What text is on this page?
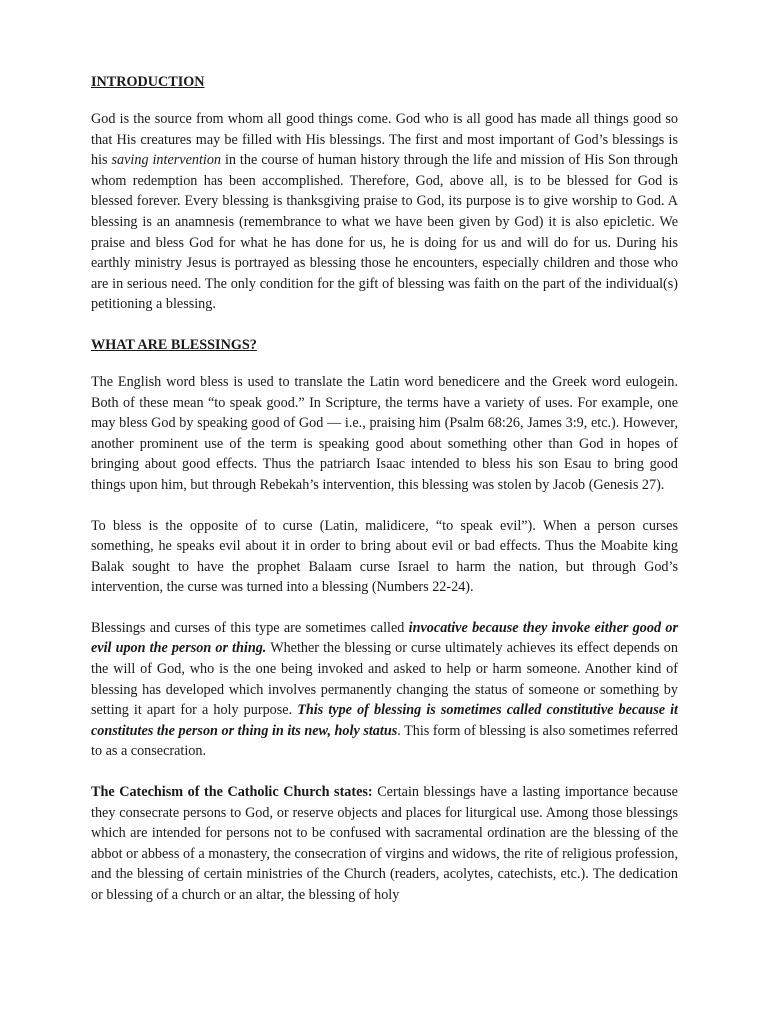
INTRODUCTION

God is the source from whom all good things come. God who is all good has made all things good so that His creatures may be filled with His blessings. The first and most important of God’s blessings is his saving intervention in the course of human history through the life and mission of His Son through whom redemption has been accomplished. Therefore, God, above all, is to be blessed for God is blessed forever. Every blessing is thanksgiving praise to God, its purpose is to give worship to God. A blessing is an anamnesis (remembrance to what we have been given by God) it is also epicletic. We praise and bless God for what he has done for us, he is doing for us and will do for us. During his earthly ministry Jesus is portrayed as blessing those he encounters, especially children and those who are in serious need. The only condition for the gift of blessing was faith on the part of the individual(s) petitioning a blessing.

WHAT ARE BLESSINGS?

The English word bless is used to translate the Latin word benedicere and the Greek word eulogein. Both of these mean “to speak good.” In Scripture, the terms have a variety of uses. For example, one may bless God by speaking good of God — i.e., praising him (Psalm 68:26, James 3:9, etc.). However, another prominent use of the term is speaking good about something other than God in hopes of bringing about good effects. Thus the patriarch Isaac intended to bless his son Esau to bring good things upon him, but through Rebekah’s intervention, this blessing was stolen by Jacob (Genesis 27).

To bless is the opposite of to curse (Latin, malidicere, “to speak evil”). When a person curses something, he speaks evil about it in order to bring about evil or bad effects. Thus the Moabite king Balak sought to have the prophet Balaam curse Israel to harm the nation, but through God’s intervention, the curse was turned into a blessing (Numbers 22-24).

Blessings and curses of this type are sometimes called invocative because they invoke either good or evil upon the person or thing. Whether the blessing or curse ultimately achieves its effect depends on the will of God, who is the one being invoked and asked to help or harm someone. Another kind of blessing has developed which involves permanently changing the status of someone or something by setting it apart for a holy purpose. This type of blessing is sometimes called constitutive because it constitutes the person or thing in its new, holy status. This form of blessing is also sometimes referred to as a consecration.

The Catechism of the Catholic Church states: Certain blessings have a lasting importance because they consecrate persons to God, or reserve objects and places for liturgical use. Among those blessings which are intended for persons not to be confused with sacramental ordination are the blessing of the abbot or abbess of a monastery, the consecration of virgins and widows, the rite of religious profession, and the blessing of certain ministries of the Church (readers, acolytes, catechists, etc.). The dedication or blessing of a church or an altar, the blessing of holy
